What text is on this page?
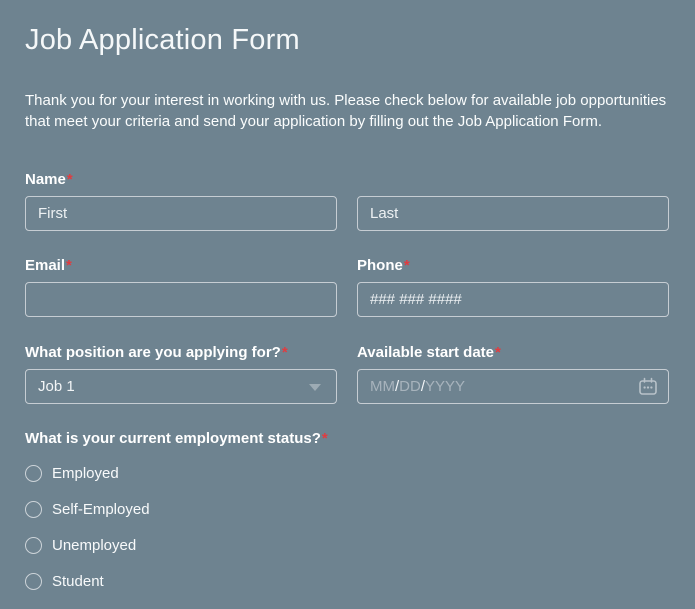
Job Application Form

Thank you for your interest in working with us. Please check below for available job opportunities that meet your criteria and send your application by filling out the Job Application Form.

Name*
First
Last
Email*	Phone*
### ### ####
What position are you applying for?*
Job 1
Available start date*
MM / DD / YYYY
What is your current employment status?*
Employed
Self-Employed
Unemployed
Student
